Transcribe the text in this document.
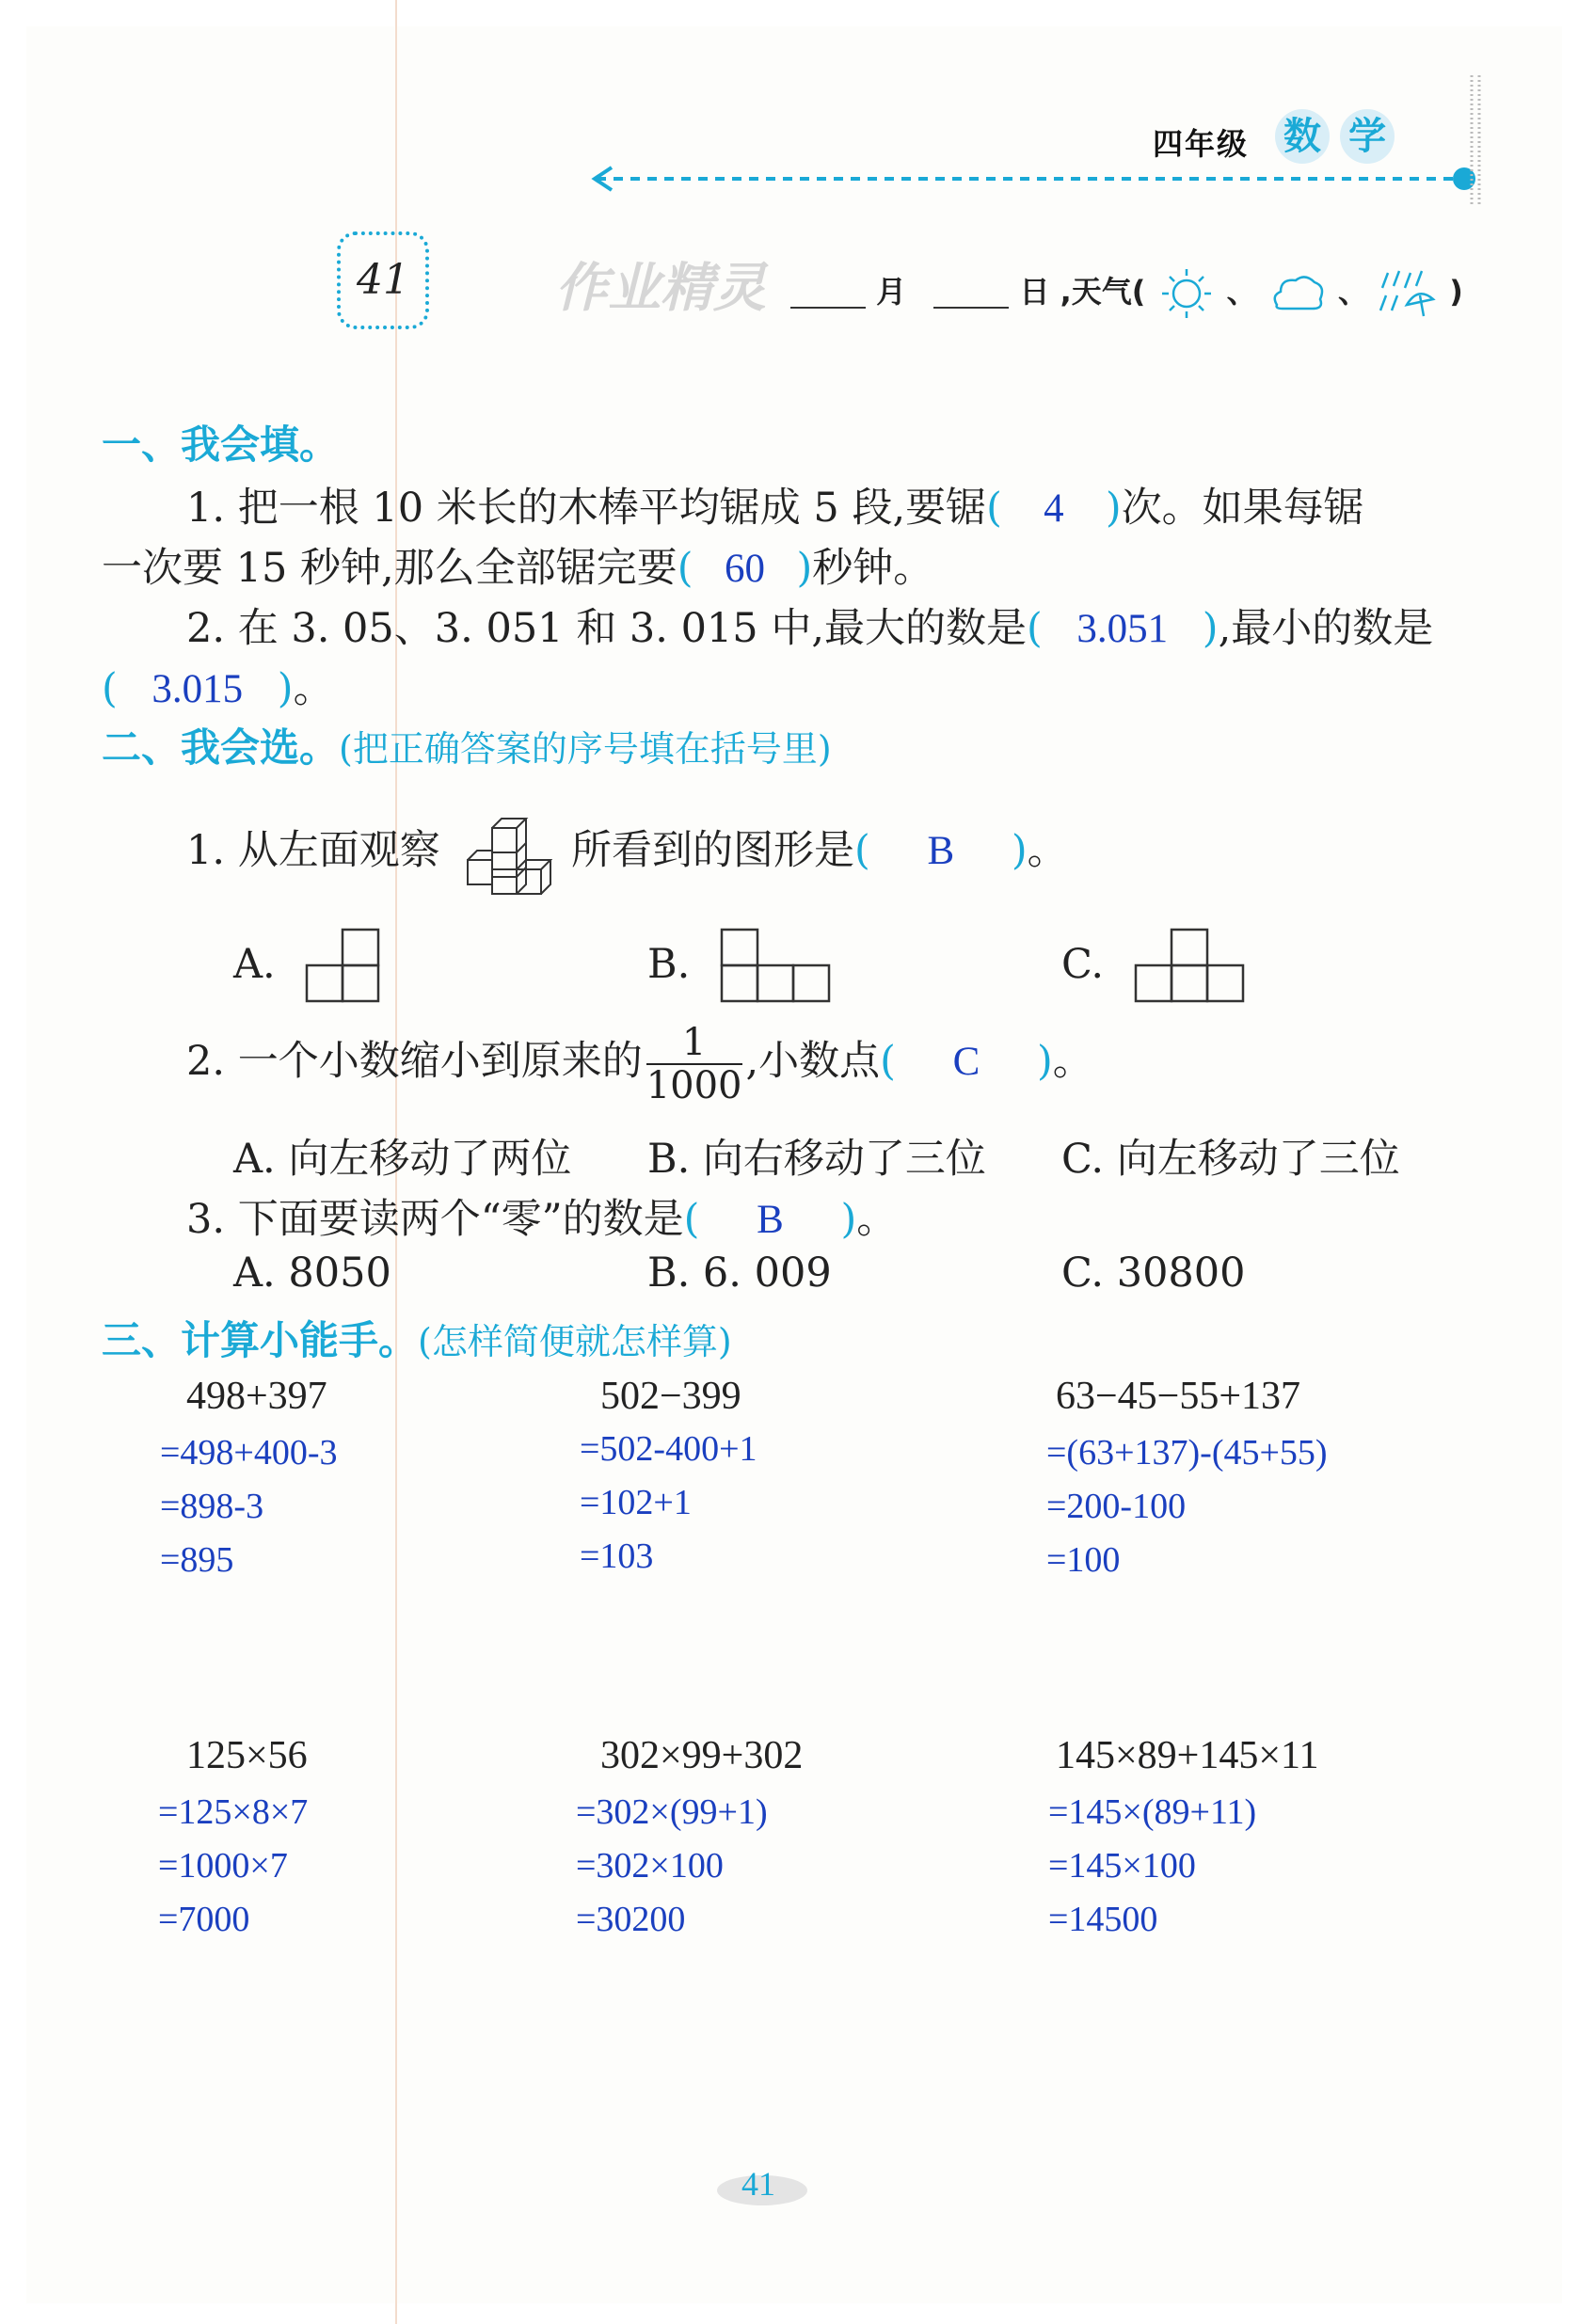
四年级 数 学
41	作业精灵	月	日 ,天气(	、	、	)
一、我会填。
1. 把一根 10 米长的木棒平均锯成 5 段,要锯( 4 )次。如果每锯
一次要 15 秒钟,那么全部锯完要( 60 )秒钟。
2. 在 3. 05、3. 051 和 3. 015 中,最大的数是( 3.051 ),最小的数是
( 3.015 )。
二、我会选。(把正确答案的序号填在括号里)
1. 从左面观察	所看到的图形是( B )。
A.	B.	C.
2. 一个小数缩小到原来的 $\frac{1}{1000}$ ,小数点( C )。
A. 向左移动了两位 B. 向右移动了三位 C. 向左移动了三位
3. 下面要读两个“零”的数是( B )。
A. 8050	B. 6. 009	C. 30800
三、计算小能手。(怎样简便就怎样算)
498+397
=498+400-3
=898-3
=895
502−399
=502-400+1
=102+1
=103
63−45−55+137
=(63+137)-(45+55)
=200-100
=100
125×56
=125×8×7
=1000×7
=7000
302×99+302
=302×(99+1)
=302×100
=30200
145×89+145×11
=145×(89+11)
=145×100
=14500
41
